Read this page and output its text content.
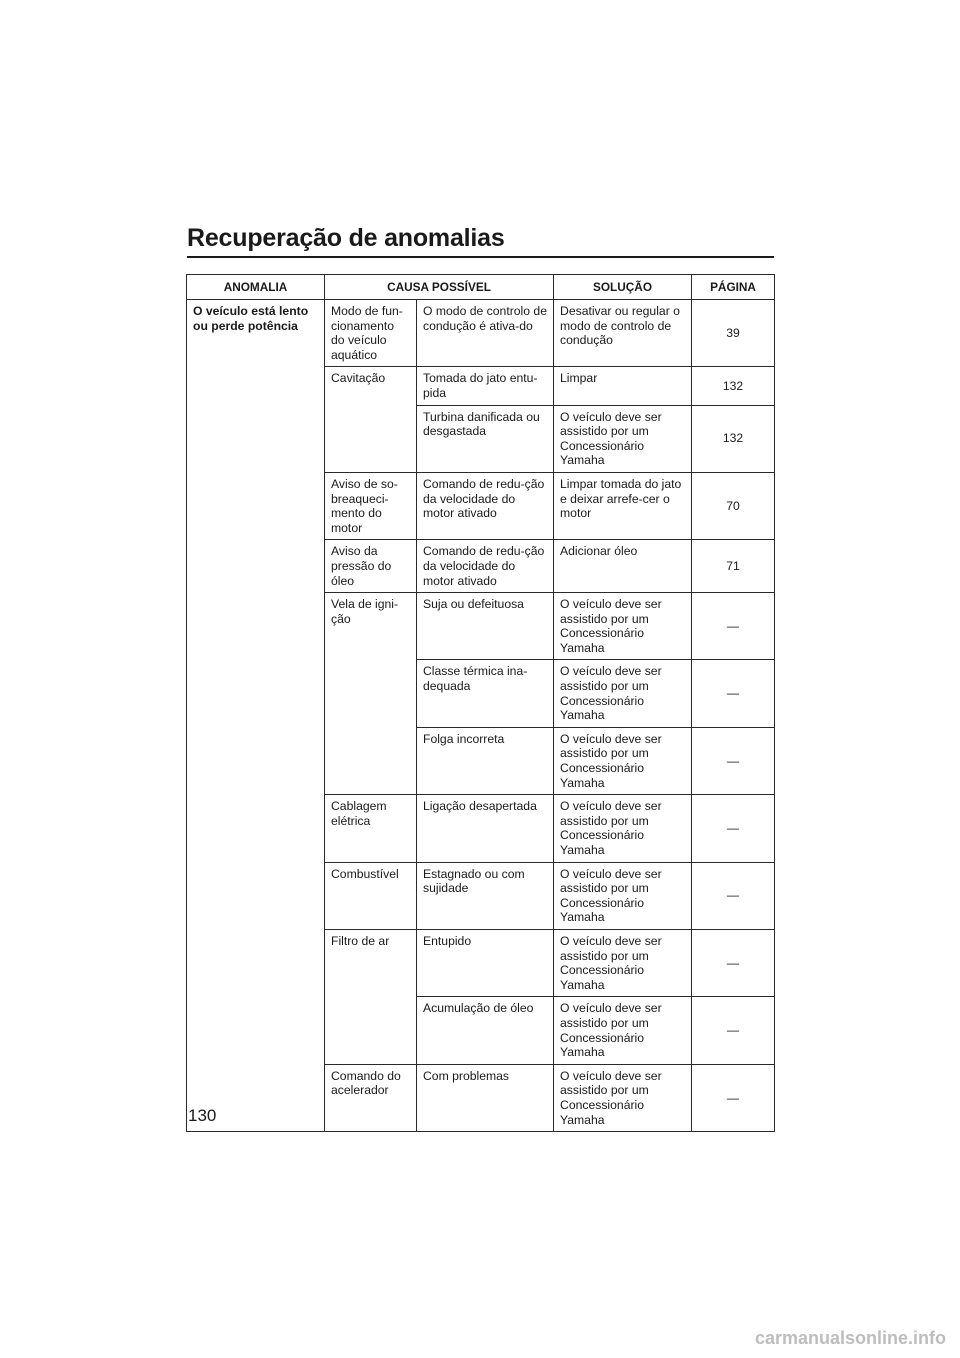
Recuperação de anomalias
ANOMALIA	CAUSA POSSÍVEL		SOLUÇÃO	PÁGINA
O veículo está lento ou perde potência	Modo de fun-cionamento do veículo aquático	O modo de controlo de condução é ativa-do	Desativar ou regular o modo de controlo de condução	39
	Cavitação	Tomada do jato entu-pida	Limpar	132
		Turbina danificada ou desgastada	O veículo deve ser assistido por um Concessionário Yamaha	132
	Aviso de so-breaqueci-mento do motor	Comando de redu-ção da velocidade do motor ativado	Limpar tomada do jato e deixar arrefe-cer o motor	70
	Aviso da pressão do óleo	Comando de redu-ção da velocidade do motor ativado	Adicionar óleo	71
	Vela de igni-ção	Suja ou defeituosa	O veículo deve ser assistido por um Concessionário Yamaha	—
		Classe térmica ina-dequada	O veículo deve ser assistido por um Concessionário Yamaha	—
		Folga incorreta	O veículo deve ser assistido por um Concessionário Yamaha	—
	Cablagem elétrica	Ligação desapertada	O veículo deve ser assistido por um Concessionário Yamaha	—
	Combustível	Estagnado ou com sujidade	O veículo deve ser assistido por um Concessionário Yamaha	—
	Filtro de ar	Entupido	O veículo deve ser assistido por um Concessionário Yamaha	—
		Acumulação de óleo	O veículo deve ser assistido por um Concessionário Yamaha	—
	Comando do acelerador	Com problemas	O veículo deve ser assistido por um Concessionário Yamaha	—
130
carmanualsonline.info
